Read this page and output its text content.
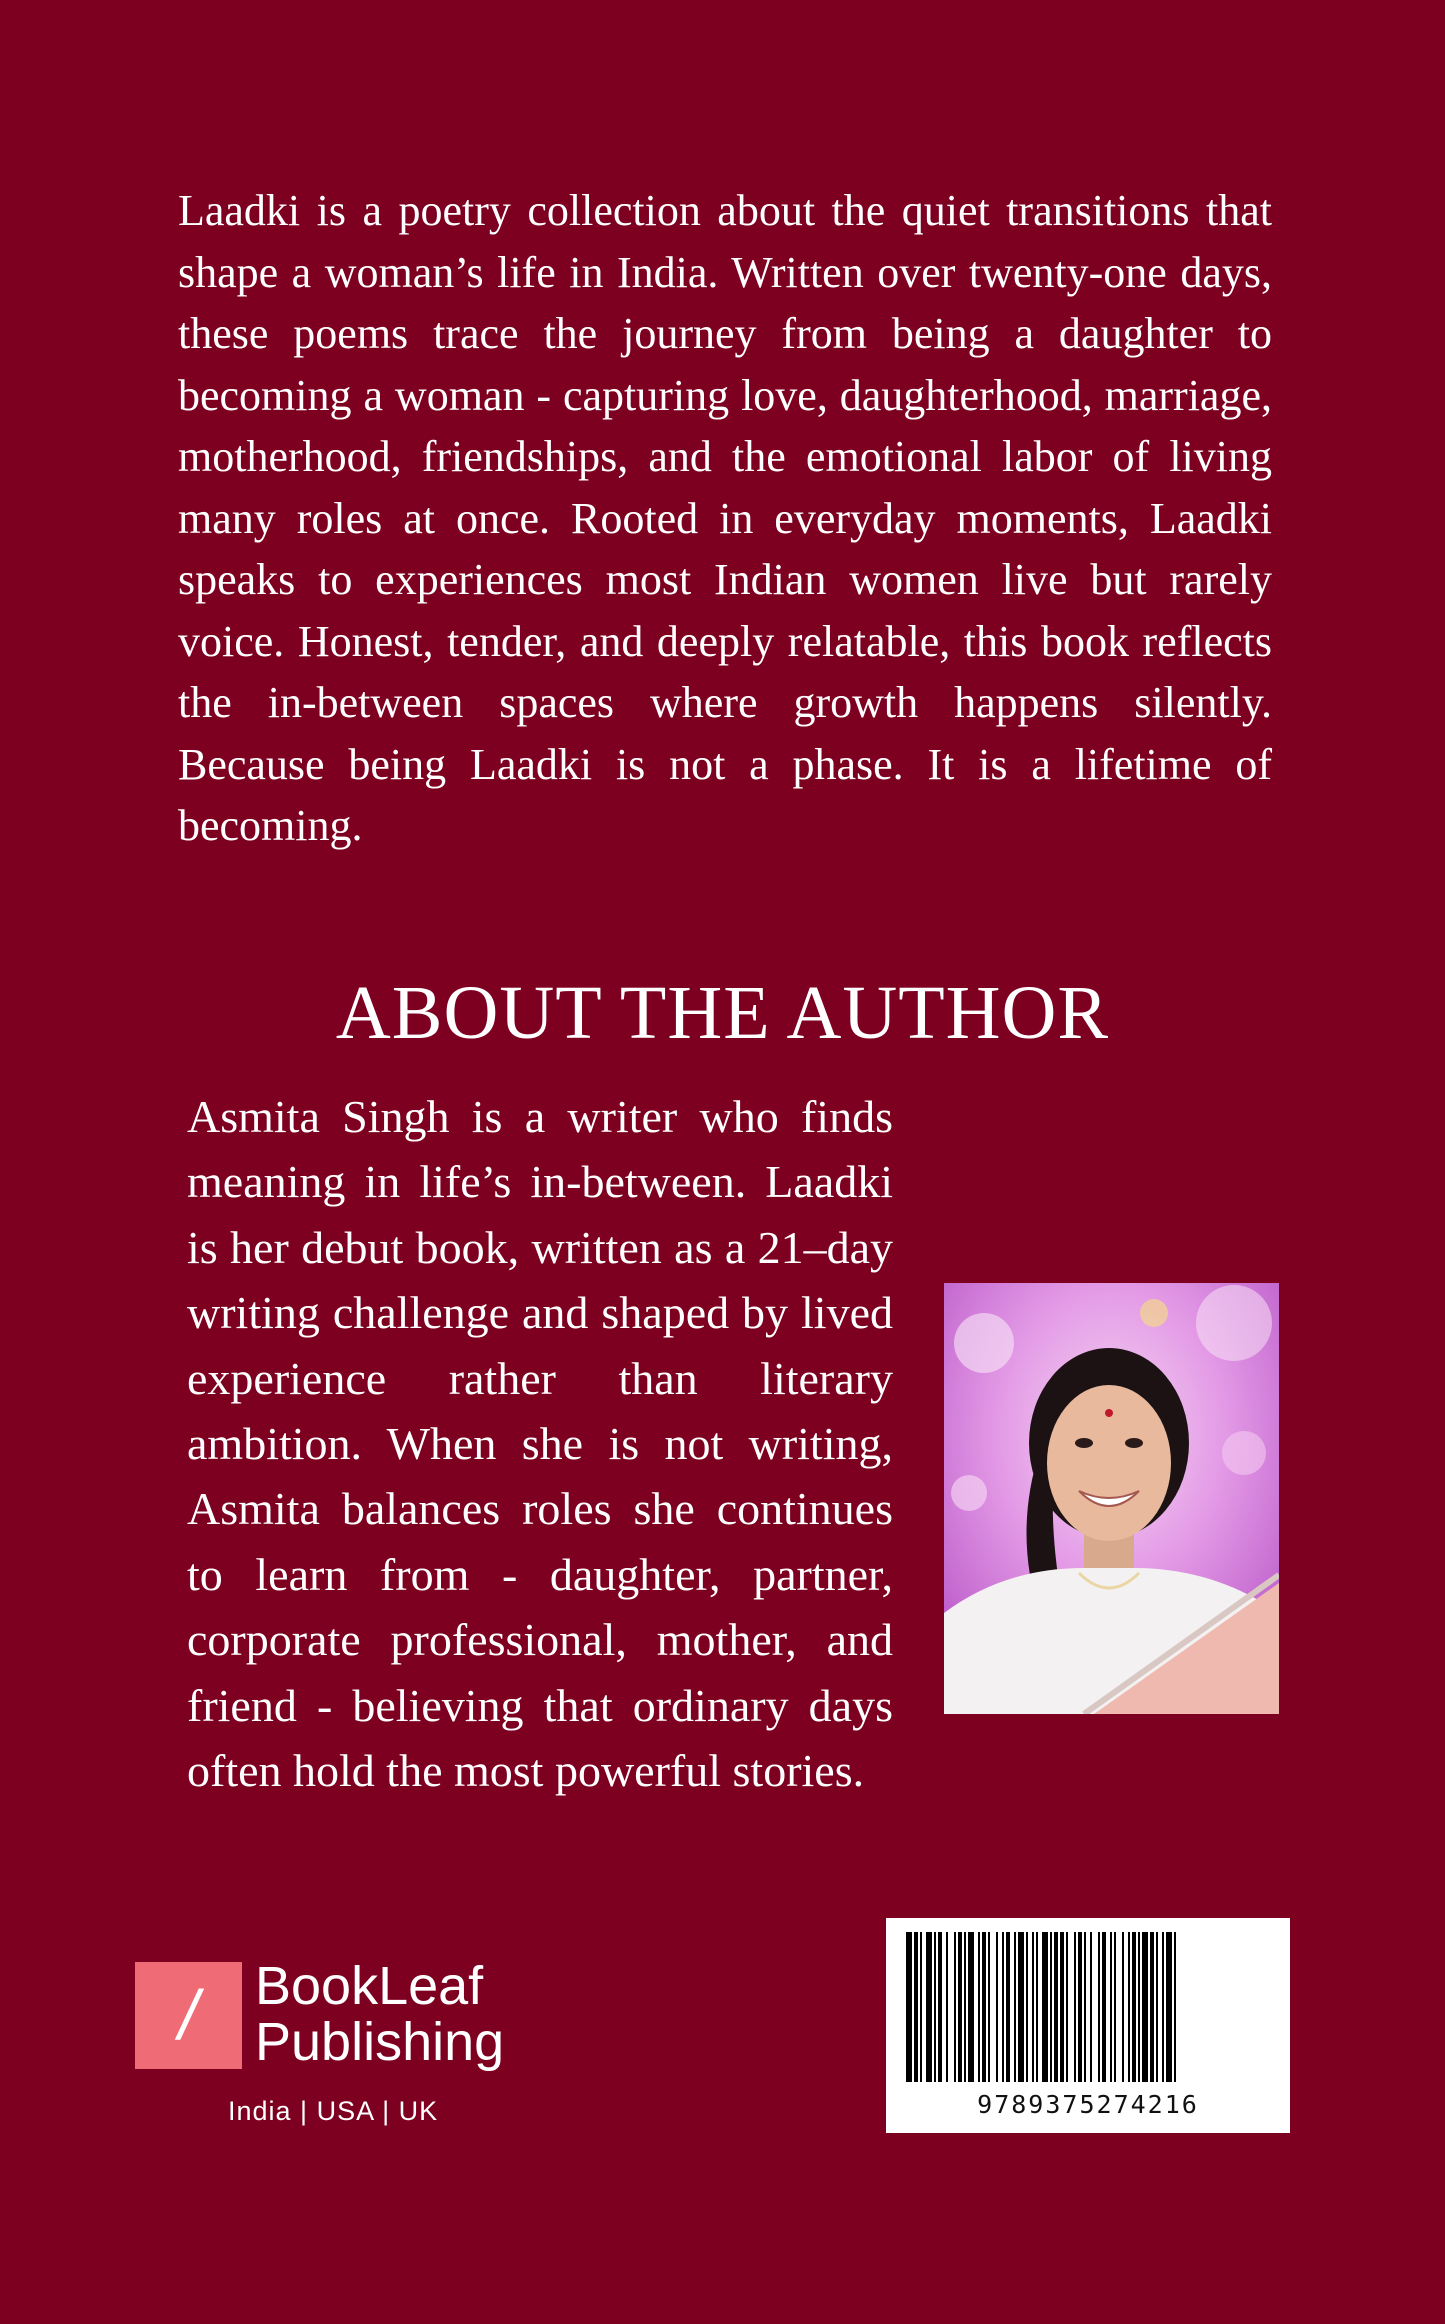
Laadki is a poetry collection about the quiet transitions that shape a woman’s life in India. Written over twenty-one days, these poems trace the journey from being a daughter to becoming a woman - capturing love, daughterhood, marriage, motherhood, friendships, and the emotional labor of living many roles at once. Rooted in everyday moments, Laadki speaks to experiences most Indian women live but rarely voice. Honest, tender, and deeply relatable, this book reflects the in-between spaces where growth happens silently. Because being Laadki is not a phase. It is a lifetime of becoming.

ABOUT THE AUTHOR

Asmita Singh is a writer who finds meaning in life’s in-between. Laadki is her debut book, written as a 21–day writing challenge and shaped by lived experience rather than literary ambition. When she is not writing, Asmita balances roles she continues to learn from - daughter, partner, corporate professional, mother, and friend - believing that ordinary days often hold the most powerful stories.

/	BookLeaf
Publishing
India | USA | UK	9789375274216
